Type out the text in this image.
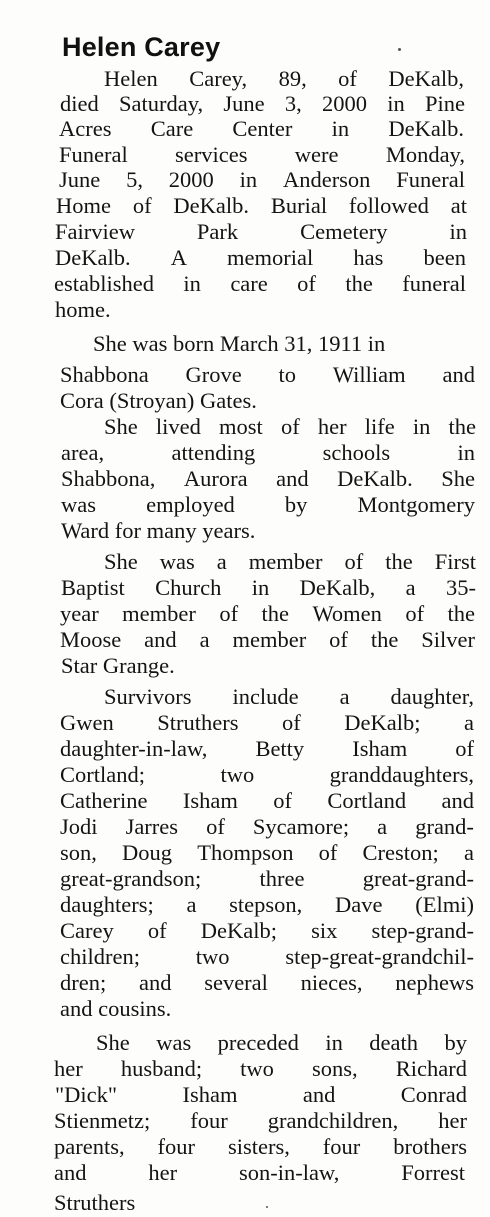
Helen Carey
Helen Carey, 89, of DeKalb,
died Saturday, June 3, 2000 in Pine
Acres Care Center in DeKalb.
Funeral services were Monday,
June 5, 2000 in Anderson Funeral
Home of DeKalb. Burial followed at
Fairview	Park	Cemetery	in
DeKalb. A memorial has been
established in care of the funeral
home.
She was born March 31, 1911 in
Shabbona Grove to William and
Cora (Stroyan) Gates.
She lived most of her life in the
area,	attending	schools	in
Shabbona, Aurora and DeKalb. She
was employed by Montgomery
Ward for many years.
She was a member of the First
Baptist Church in DeKalb, a 35-
year member of the Women of the
Moose and a member of the Silver
Star Grange.
Survivors include a daughter,
Gwen Struthers of DeKalb; a
daughter-in-law, Betty Isham of
Cortland;	two	granddaughters,
Catherine Isham of Cortland and
Jodi Jarres of Sycamore; a grand-
son, Doug Thompson of Creston; a
great-grandson;	three	great-grand-
daughters; a stepson, Dave (Elmi)
Carey of DeKalb; six step-grand-
children; two step-great-grandchil-
dren; and several nieces, nephews
and cousins.
She was preceded in death by
her husband; two sons, Richard
"Dick"	Isham	and	Conrad
Stienmetz; four grandchildren, her
parents, four sisters, four brothers
and	her	son-in-law,	Forrest
Struthers
